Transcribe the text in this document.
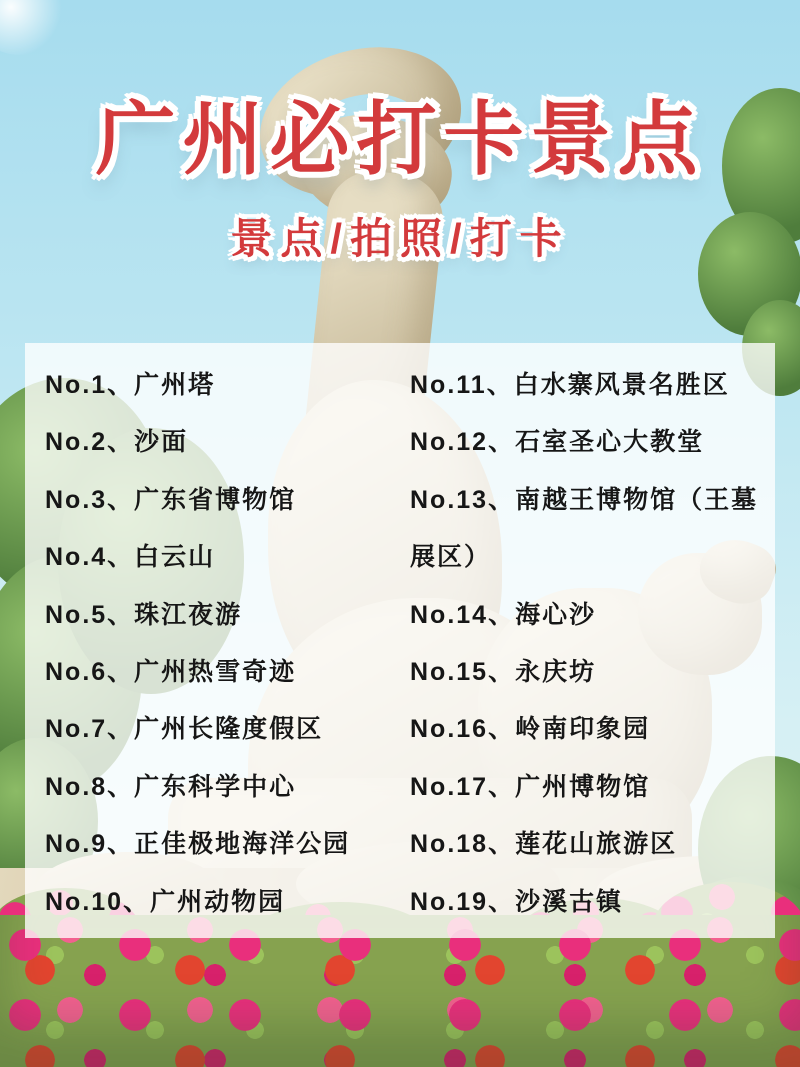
广州必打卡景点
景点/拍照/打卡
No.1、广州塔
No.2、沙面
No.3、广东省博物馆
No.4、白云山
No.5、珠江夜游
No.6、广州热雪奇迹
No.7、广州长隆度假区
No.8、广东科学中心
No.9、正佳极地海洋公园
No.10、广州动物园
No.11、白水寨风景名胜区
No.12、石室圣心大教堂
No.13、南越王博物馆（王墓展区）
No.14、海心沙
No.15、永庆坊
No.16、岭南印象园
No.17、广州博物馆
No.18、莲花山旅游区
No.19、沙溪古镇
